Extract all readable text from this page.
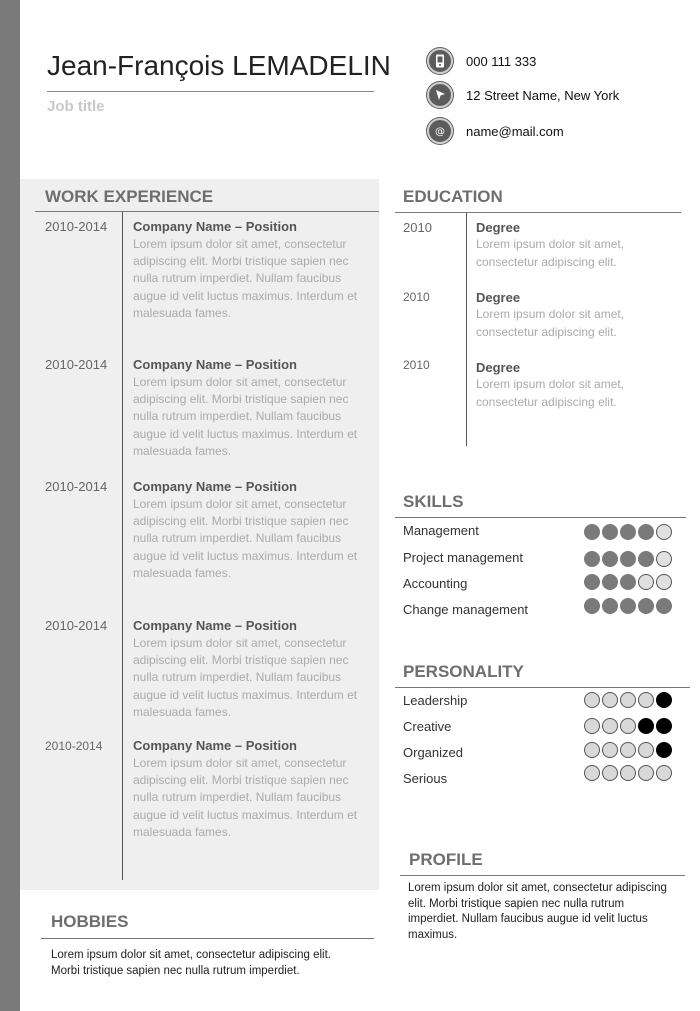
Jean-François LEMADELIN
Job title
000 111 333
12 Street Name, New York
@ name@mail.com
WORK EXPERIENCE
2010-2014 Company Name – Position
Lorem ipsum dolor sit amet, consectetur adipiscing elit. Morbi tristique sapien nec nulla rutrum imperdiet. Nullam faucibus augue id velit luctus maximus. Interdum et malesuada fames.
2010-2014 Company Name – Position
Lorem ipsum dolor sit amet, consectetur adipiscing elit. Morbi tristique sapien nec nulla rutrum imperdiet. Nullam faucibus augue id velit luctus maximus. Interdum et malesuada fames.
2010-2014 Company Name – Position
Lorem ipsum dolor sit amet, consectetur adipiscing elit. Morbi tristique sapien nec nulla rutrum imperdiet. Nullam faucibus augue id velit luctus maximus. Interdum et malesuada fames.
2010-2014 Company Name – Position
Lorem ipsum dolor sit amet, consectetur adipiscing elit. Morbi tristique sapien nec nulla rutrum imperdiet. Nullam faucibus augue id velit luctus maximus. Interdum et malesuada fames.
2010-2014 Company Name – Position
Lorem ipsum dolor sit amet, consectetur adipiscing elit. Morbi tristique sapien nec nulla rutrum imperdiet. Nullam faucibus augue id velit luctus maximus. Interdum et malesuada fames.
EDUCATION
2010	Degree
Lorem ipsum dolor sit amet, consectetur adipiscing elit.
2010	Degree
Lorem ipsum dolor sit amet, consectetur adipiscing elit.
2010	Degree
Lorem ipsum dolor sit amet, consectetur adipiscing elit.
SKILLS
Management
Project management
Accounting
Change management
PERSONALITY
Leadership
Creative
Organized
Serious
PROFILE
Lorem ipsum dolor sit amet, consectetur adipiscing elit. Morbi tristique sapien nec nulla rutrum imperdiet. Nullam faucibus augue id velit luctus maximus.
HOBBIES
Lorem ipsum dolor sit amet, consectetur adipiscing elit. Morbi tristique sapien nec nulla rutrum imperdiet.
